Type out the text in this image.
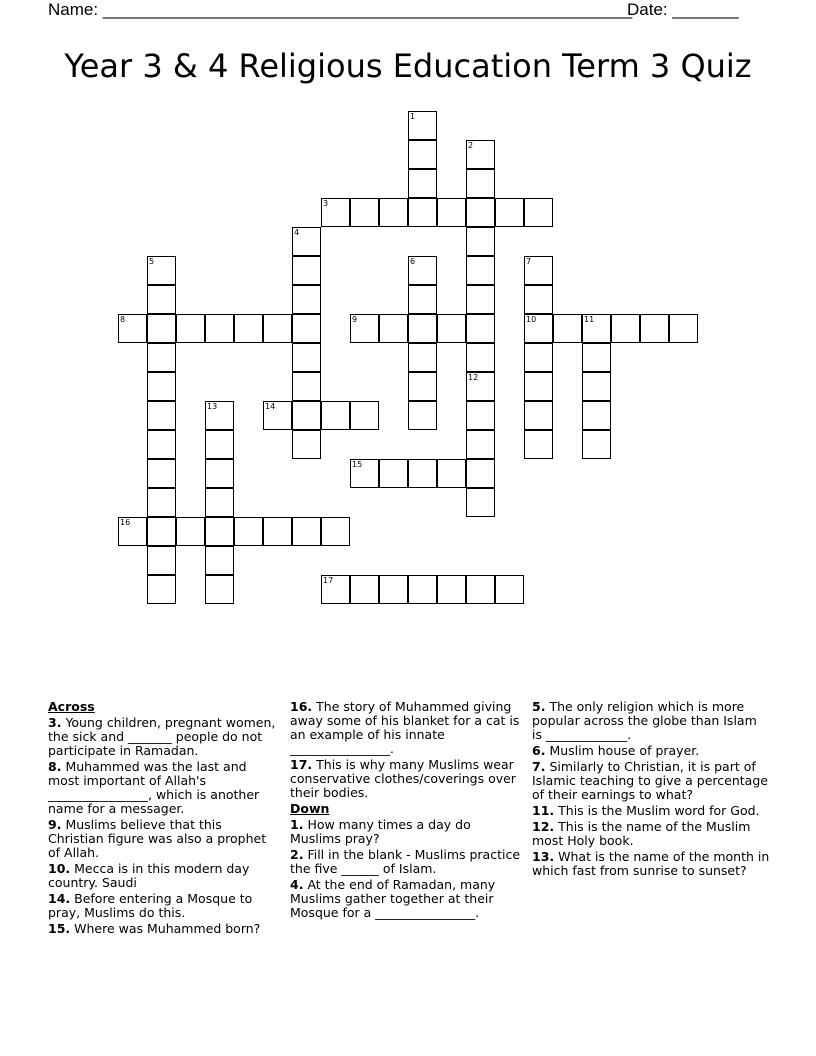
Name: ________________________________________________________

Date: _______

Year 3 & 4 Religious Education Term 3 Quiz
1
2
3
4
5	6	7
10
8	9	11
12
13	14
15
16
17
Across
3. Young children, pregnant women, the sick and _______ people do not participate in Ramadan.
8. Muhammed was the last and most important of Allah's ________________, which is another name for a messager.
9. Muslims believe that this Christian figure was also a prophet of Allah.
10. Mecca is in this modern day country. Saudi
14. Before entering a Mosque to pray, Muslims do this.
15. Where was Muhammed born?
16. The story of Muhammed giving away some of his blanket for a cat is an example of his innate ________________.
17. This is why many Muslims wear conservative clothes/coverings over their bodies.
Down
1. How many times a day do Muslims pray?
2. Fill in the blank - Muslims practice the five ______ of Islam.
4. At the end of Ramadan, many Muslims gather together at their Mosque for a ________________.
5. The only religion which is more popular across the globe than Islam is _____________.
6. Muslim house of prayer.
7. Similarly to Christian, it is part of Islamic teaching to give a percentage of their earnings to what?
11. This is the Muslim word for God.
12. This is the name of the Muslim most Holy book.
13. What is the name of the month in which fast from sunrise to sunset?
